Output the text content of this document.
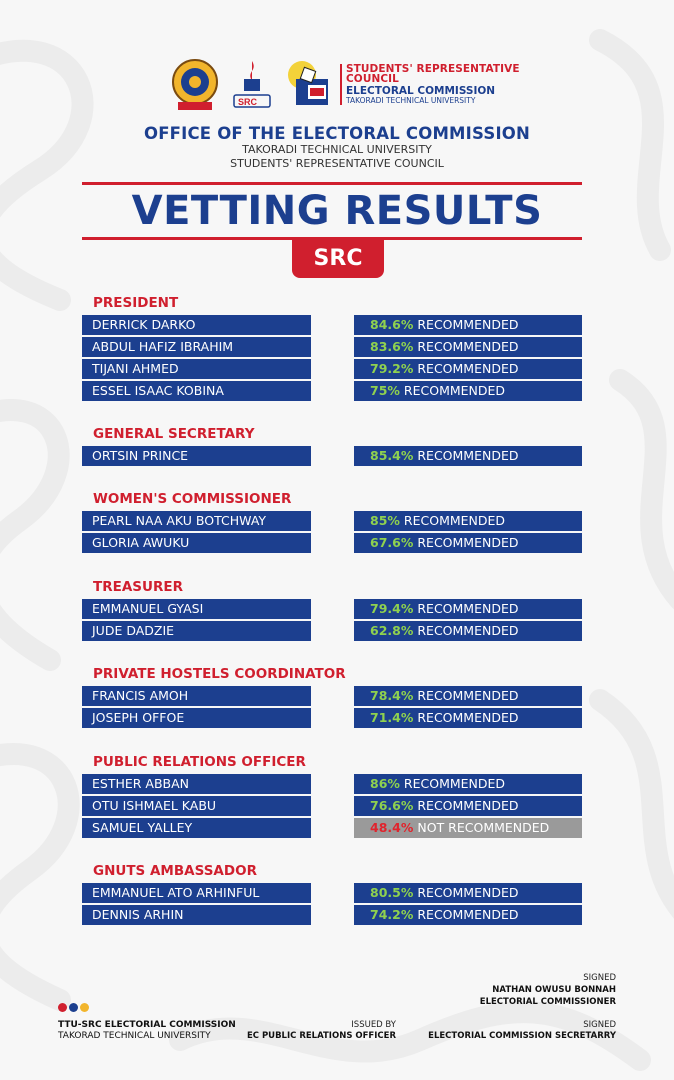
SRC
STUDENTS' REPRESENTATIVE
COUNCIL
ELECTORAL COMMISSION
TAKORADI TECHNICAL UNIVERSITY
OFFICE OF THE ELECTORAL COMMISSION
TAKORADI TECHNICAL UNIVERSITY
STUDENTS' REPRESENTATIVE COUNCIL
VETTING RESULTS
SRC
PRESIDENT
DERRICK DARKO	84.6% RECOMMENDED
ABDUL HAFIZ IBRAHIM	83.6% RECOMMENDED
TIJANI AHMED	79.2% RECOMMENDED
ESSEL ISAAC KOBINA	75% RECOMMENDED
GENERAL SECRETARY
ORTSIN PRINCE	85.4% RECOMMENDED
WOMEN'S COMMISSIONER
PEARL NAA AKU BOTCHWAY	85% RECOMMENDED
GLORIA AWUKU	67.6% RECOMMENDED
TREASURER
EMMANUEL GYASI	79.4% RECOMMENDED
JUDE DADZIE	62.8% RECOMMENDED
PRIVATE HOSTELS COORDINATOR
FRANCIS AMOH	78.4% RECOMMENDED
JOSEPH OFFOE	71.4% RECOMMENDED
PUBLIC RELATIONS OFFICER
ESTHER ABBAN	86% RECOMMENDED
OTU ISHMAEL KABU	76.6% RECOMMENDED
SAMUEL YALLEY	48.4% NOT RECOMMENDED
GNUTS AMBASSADOR
EMMANUEL ATO ARHINFUL	80.5% RECOMMENDED
DENNIS ARHIN	74.2% RECOMMENDED
TTU-SRC ELECTORIAL COMMISSION
TAKORAD TECHNICAL UNIVERSITY
ISSUED BY
EC PUBLIC RELATIONS OFFICER
SIGNED
NATHAN OWUSU BONNAH
ELECTORIAL COMMISSIONER
SIGNED
ELECTORIAL COMMISSION SECRETARRY
